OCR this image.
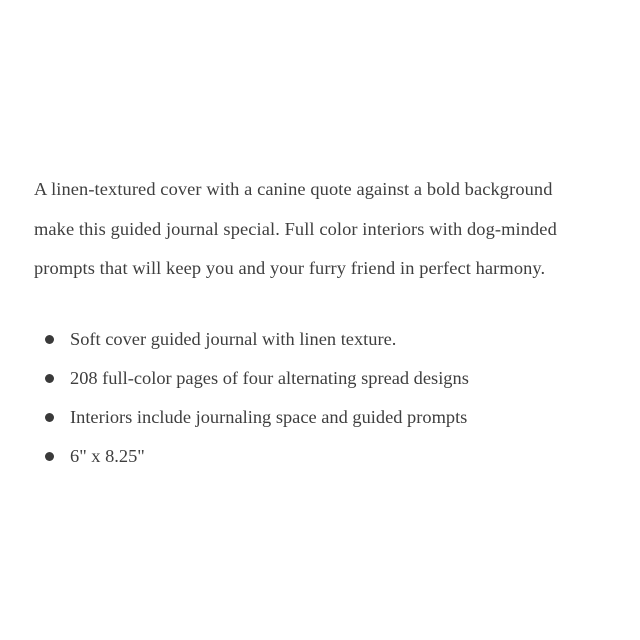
A linen-textured cover with a canine quote against a bold background
make this guided journal special. Full color interiors with dog-minded
prompts that will keep you and your furry friend in perfect harmony.

Soft cover guided journal with linen texture.
208 full-color pages of four alternating spread designs
Interiors include journaling space and guided prompts
6" x 8.25"
